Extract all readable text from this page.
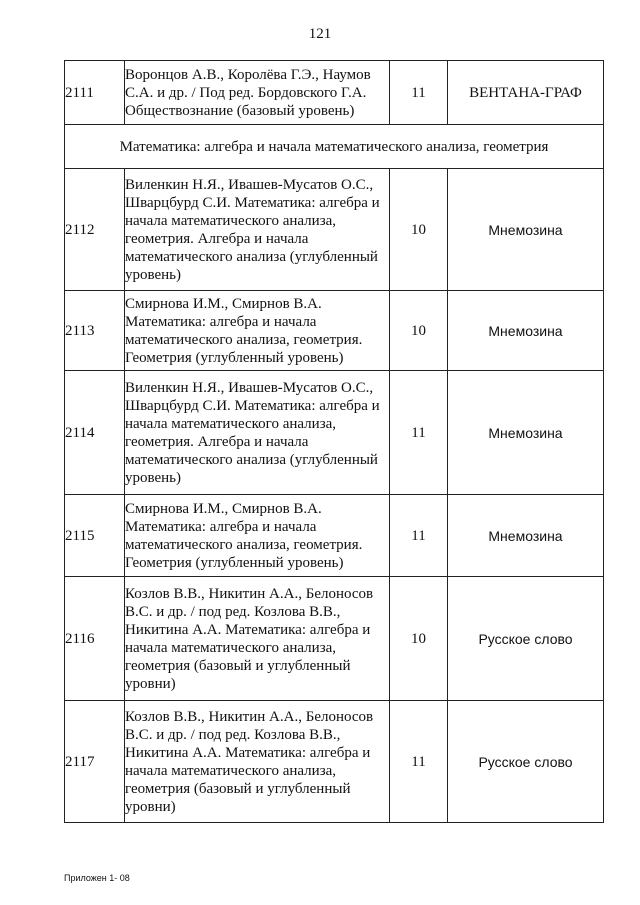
121
2111	Воронцов А.В., Королёва Г.Э., Наумов С.А. и др. / Под ред. Бордовского Г.А. Обществознание (базовый уровень)	11	ВЕНТАНА-ГРАФ
Математика: алгебра и начала математического анализа, геометрия			
2112	Виленкин Н.Я., Ивашев-Мусатов О.С., Шварцбурд С.И. Математика: алгебра и начала математического анализа, геометрия. Алгебра и начала математического анализа (углубленный уровень)	10	Мнемозина
2113	Смирнова И.М., Смирнов В.А. Математика: алгебра и начала математического анализа, геометрия. Геометрия (углубленный уровень)	10	Мнемозина
2114	Виленкин Н.Я., Ивашев-Мусатов О.С., Шварцбурд С.И. Математика: алгебра и начала математического анализа, геометрия. Алгебра и начала математического анализа (углубленный уровень)	11	Мнемозина
2115	Смирнова И.М., Смирнов В.А. Математика: алгебра и начала математического анализа, геометрия. Геометрия (углубленный уровень)	11	Мнемозина
2116	Козлов В.В., Никитин А.А., Белоносов В.С. и др. / под ред. Козлова В.В., Никитина А.А. Математика: алгебра и начала математического анализа, геометрия (базовый и углубленный уровни)	10	Русское слово
2117	Козлов В.В., Никитин А.А., Белоносов В.С. и др. / под ред. Козлова В.В., Никитина А.А. Математика: алгебра и начала математического анализа, геометрия (базовый и углубленный уровни)	11	Русское слово
Приложен 1- 08
